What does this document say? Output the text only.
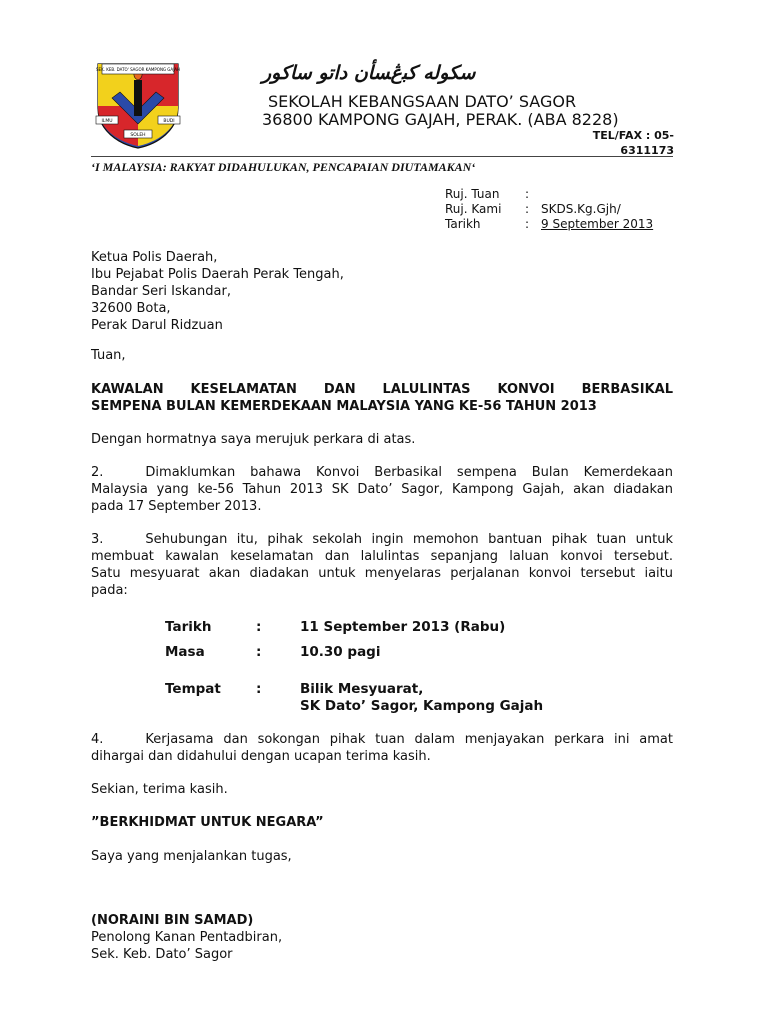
SEK. KEB. DATO' SAGOR KAMPONG GAJAH
ILMU	BUDI
SOLEH
ﺳﻜﻮﻟﻪ ﻛﺒڠﺴﺄن داتو ﺳﺎﻛﻮر
SEKOLAH KEBANGSAAN DATO’ SAGOR
36800 KAMPONG GAJAH, PERAK. (ABA 8228)
TEL/FAX : 05-
6311173
‘I MALAYSIA: RAKYAT DIDAHULUKAN, PENCAPAIAN DIUTAMAKAN‘
Ruj. Tuan	:
Ruj. Kami	: SKDS.Kg.Gjh/
Tarikh	: 9 September 2013
Ketua Polis Daerah,
Ibu Pejabat Polis Daerah Perak Tengah,
Bandar Seri Iskandar,
32600 Bota,
Perak Darul Ridzuan
Tuan,
KAWALAN KESELAMATAN DAN LALULINTAS KONVOI BERBASIKAL
SEMPENA BULAN KEMERDEKAAN MALAYSIA YANG KE-56 TAHUN 2013
Dengan hormatnya saya merujuk perkara di atas.
2.	Dimaklumkan bahawa Konvoi Berbasikal sempena Bulan Kemerdekaan
Malaysia yang ke-56 Tahun 2013 SK Dato’ Sagor, Kampong Gajah, akan diadakan
pada 17 September 2013.
3.	Sehubungan itu, pihak sekolah ingin memohon bantuan pihak tuan untuk
membuat kawalan keselamatan dan lalulintas sepanjang laluan konvoi tersebut.
Satu mesyuarat akan diadakan untuk menyelaras perjalanan konvoi tersebut iaitu
pada:
Tarikh	:	11 September 2013 (Rabu)
Masa	:	10.30 pagi
Tempat	:	Bilik Mesyuarat,
SK Dato’ Sagor, Kampong Gajah
4.	Kerjasama dan sokongan pihak tuan dalam menjayakan perkara ini amat
dihargai dan didahului dengan ucapan terima kasih.
Sekian, terima kasih.
”BERKHIDMAT UNTUK NEGARA”
Saya yang menjalankan tugas,
(NORAINI BIN SAMAD)
Penolong Kanan Pentadbiran,
Sek. Keb. Dato’ Sagor
